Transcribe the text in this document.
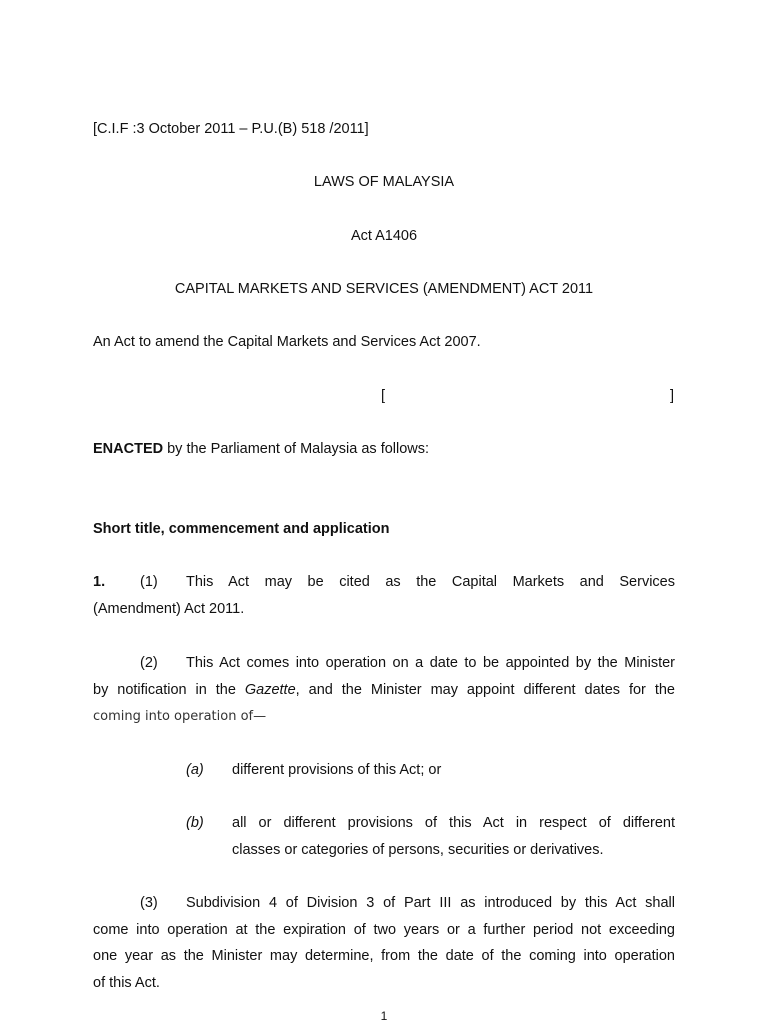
[C.I.F :3 October 2011 – P.U.(B) 518 /2011]
LAWS OF MALAYSIA
Act A1406
CAPITAL MARKETS AND SERVICES (AMENDMENT) ACT 2011
An Act to amend the Capital Markets and Services Act 2007.
[	]
ENACTED by the Parliament of Malaysia as follows:
Short title, commencement and application
1. (1) This Act may be cited as the Capital Markets and Services
(Amendment) Act 2011.
(2) This Act comes into operation on a date to be appointed by the Minister
by notification in the Gazette, and the Minister may appoint different dates for the
coming into operation of—
(a) different provisions of this Act; or
(b) all or different provisions of this Act in respect of different
classes or categories of persons, securities or derivatives.
(3) Subdivision 4 of Division 3 of Part III as introduced by this Act shall
come into operation at the expiration of two years or a further period not exceeding
one year as the Minister may determine, from the date of the coming into operation
of this Act.
1
